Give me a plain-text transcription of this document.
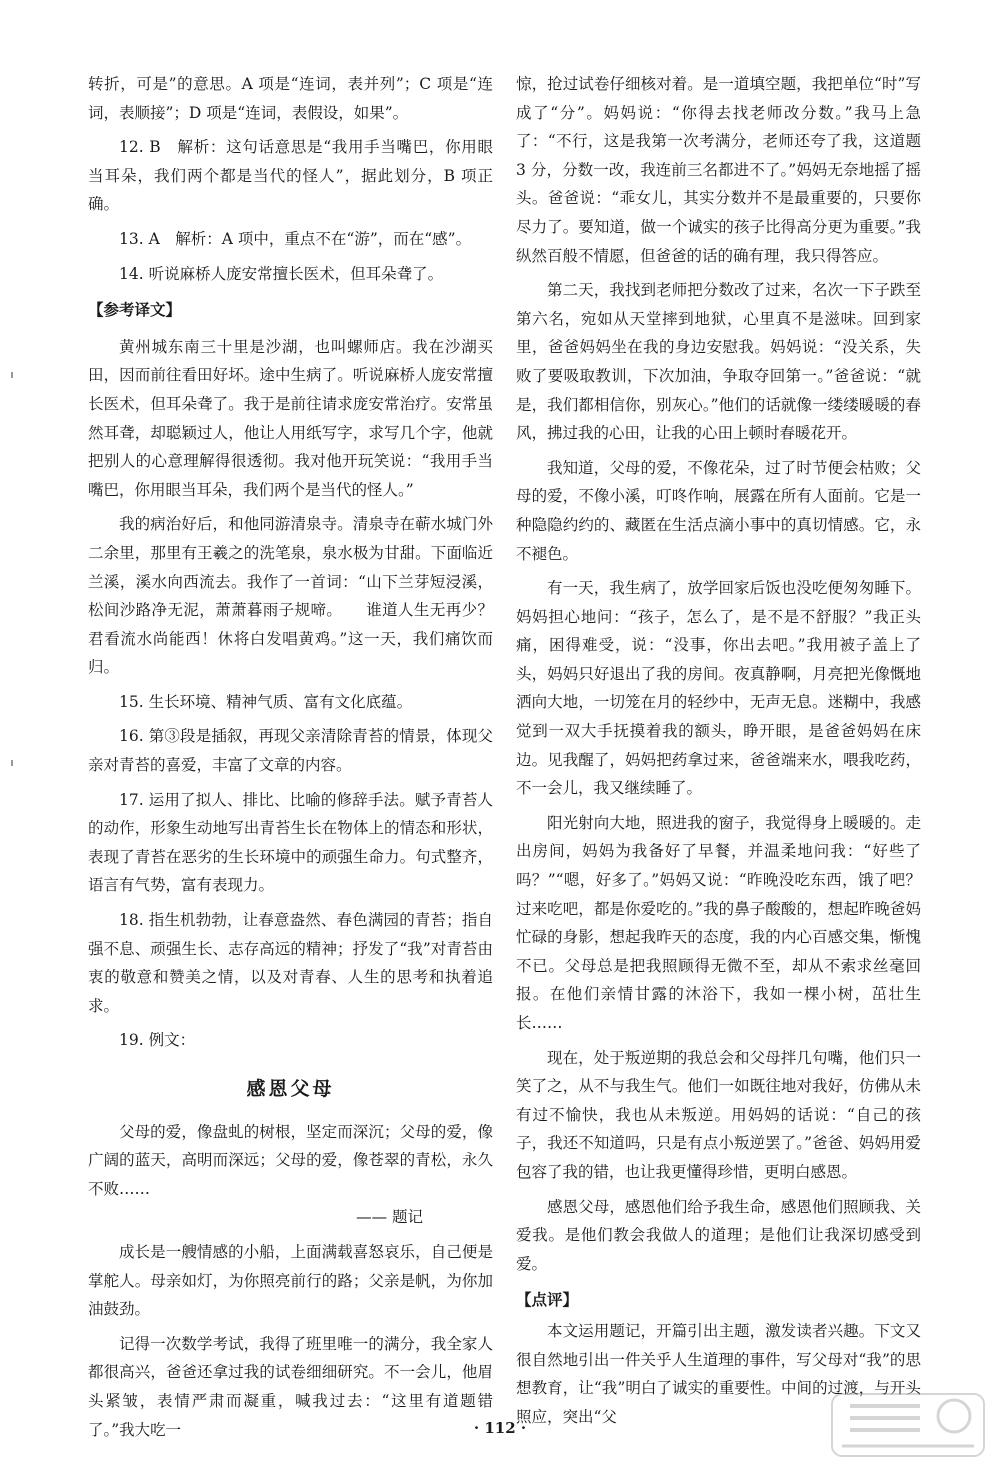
转折，可是”的意思。A 项是“连词，表并列”；C 项是“连词，表顺接”；D 项是“连词，表假设，如果”。

12. B　解析：这句话意思是“我用手当嘴巴，你用眼当耳朵，我们两个都是当代的怪人”，据此划分，B 项正确。

13. A　解析：A 项中，重点不在“游”，而在“感”。

14. 听说麻桥人庞安常擅长医术，但耳朵聋了。

【参考译文】

黄州城东南三十里是沙湖，也叫螺师店。我在沙湖买田，因而前往看田好坏。途中生病了。听说麻桥人庞安常擅长医术，但耳朵聋了。我于是前往请求庞安常治疗。安常虽然耳聋，却聪颖过人，他让人用纸写字，求写几个字，他就把别人的心意理解得很透彻。我对他开玩笑说：“我用手当嘴巴，你用眼当耳朵，我们两个是当代的怪人。”

我的病治好后，和他同游清泉寺。清泉寺在蕲水城门外二余里，那里有王羲之的洗笔泉，泉水极为甘甜。下面临近兰溪，溪水向西流去。我作了一首词：“山下兰芽短浸溪，松间沙路净无泥，萧萧暮雨子规啼。　　谁道人生无再少？君看流水尚能西！休将白发唱黄鸡。”这一天，我们痛饮而归。

15. 生长环境、精神气质、富有文化底蕴。

16. 第③段是插叙，再现父亲清除青苔的情景，体现父亲对青苔的喜爱，丰富了文章的内容。

17. 运用了拟人、排比、比喻的修辞手法。赋予青苔人的动作，形象生动地写出青苔生长在物体上的情态和形状，表现了青苔在恶劣的生长环境中的顽强生命力。句式整齐，语言有气势，富有表现力。

18. 指生机勃勃，让春意盎然、春色满园的青苔；指自强不息、顽强生长、志存高远的精神；抒发了“我”对青苔由衷的敬意和赞美之情，以及对青春、人生的思考和执着追求。

19. 例文：

感恩父母

父母的爱，像盘虬的树根，坚定而深沉；父母的爱，像广阔的蓝天，高明而深远；父母的爱，像苍翠的青松，永久不败……

—— 题记

成长是一艘情感的小船，上面满载喜怒哀乐，自己便是掌舵人。母亲如灯，为你照亮前行的路；父亲是帆，为你加油鼓劲。

记得一次数学考试，我得了班里唯一的满分，我全家人都很高兴，爸爸还拿过我的试卷细细研究。不一会儿，他眉头紧皱，表情严肃而凝重，喊我过去：“这里有道题错了。”我大吃一

惊，抢过试卷仔细核对着。是一道填空题，我把单位“时”写成了“分”。妈妈说：“你得去找老师改分数。”我马上急了：“不行，这是我第一次考满分，老师还夸了我，这道题 3 分，分数一改，我连前三名都进不了。”妈妈无奈地摇了摇头。爸爸说：“乖女儿，其实分数并不是最重要的，只要你尽力了。要知道，做一个诚实的孩子比得高分更为重要。”我纵然百般不情愿，但爸爸的话的确有理，我只得答应。

第二天，我找到老师把分数改了过来，名次一下子跌至第六名，宛如从天堂摔到地狱，心里真不是滋味。回到家里，爸爸妈妈坐在我的身边安慰我。妈妈说：“没关系，失败了要吸取教训，下次加油，争取夺回第一。”爸爸说：“就是，我们都相信你，别灰心。”他们的话就像一缕缕暖暖的春风，拂过我的心田，让我的心田上顿时春暖花开。

我知道，父母的爱，不像花朵，过了时节便会枯败；父母的爱，不像小溪，叮咚作响，展露在所有人面前。它是一种隐隐约约的、藏匿在生活点滴小事中的真切情感。它，永不褪色。

有一天，我生病了，放学回家后饭也没吃便匆匆睡下。妈妈担心地问：“孩子，怎么了，是不是不舒服？”我正头痛，困得难受，说：“没事，你出去吧。”我用被子盖上了头，妈妈只好退出了我的房间。夜真静啊，月亮把光像慨地洒向大地，一切笼在月的轻纱中，无声无息。迷糊中，我感觉到一双大手抚摸着我的额头，睁开眼，是爸爸妈妈在床边。见我醒了，妈妈把药拿过来，爸爸端来水，喂我吃药，不一会儿，我又继续睡了。

阳光射向大地，照进我的窗子，我觉得身上暖暖的。走出房间，妈妈为我备好了早餐，并温柔地问我：“好些了吗？”“嗯，好多了。”妈妈又说：“昨晚没吃东西，饿了吧？过来吃吧，都是你爱吃的。”我的鼻子酸酸的，想起昨晚爸妈忙碌的身影，想起我昨天的态度，我的内心百感交集，惭愧不已。父母总是把我照顾得无微不至，却从不索求丝毫回报。在他们亲情甘露的沐浴下，我如一棵小树，茁壮生长……

现在，处于叛逆期的我总会和父母拌几句嘴，他们只一笑了之，从不与我生气。他们一如既往地对我好，仿佛从未有过不愉快，我也从未叛逆。用妈妈的话说：“自己的孩子，我还不知道吗，只是有点小叛逆罢了。”爸爸、妈妈用爱包容了我的错，也让我更懂得珍惜，更明白感恩。

感恩父母，感恩他们给予我生命，感恩他们照顾我、关爱我。是他们教会我做人的道理；是他们让我深切感受到爱。

【点评】

本文运用题记，开篇引出主题，激发读者兴趣。下文又很自然地引出一件关乎人生道理的事件，写父母对“我”的思想教育，让“我”明白了诚实的重要性。中间的过渡，与开头照应，突出“父

· 112 ·
